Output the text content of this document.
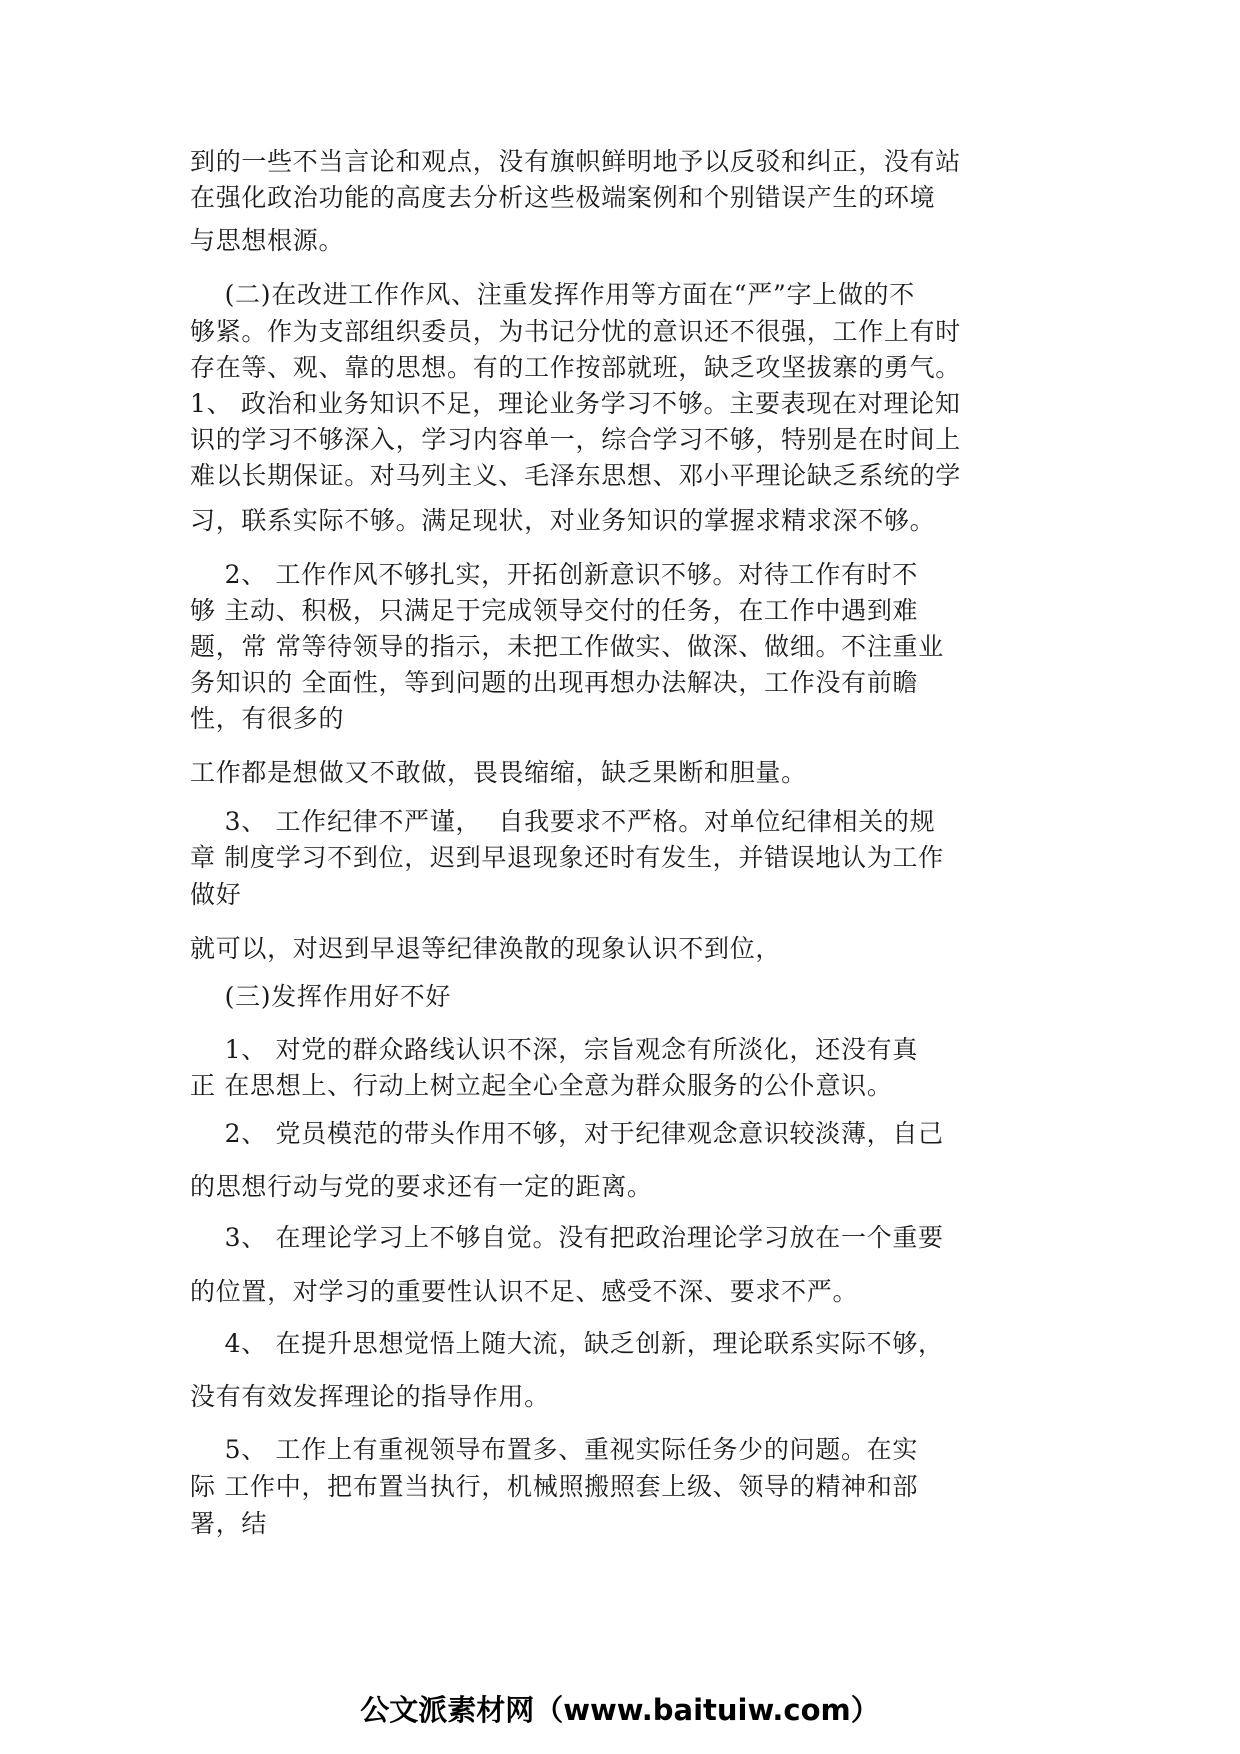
到的一些不当言论和观点，没有旗帜鲜明地予以反驳和纠正，没有站

在强化政治功能的高度去分析这些极端案例和个别错误产生的环境

与思想根源。

(二)在改进工作作风、注重发挥作用等方面在“严”字上做的不

够紧。作为支部组织委员，为书记分忧的意识还不很强，工作上有时

存在等、观、靠的思想。有的工作按部就班，缺乏攻坚拔寨的勇气。

1、 政治和业务知识不足，理论业务学习不够。主要表现在对理论知

识的学习不够深入，学习内容单一，综合学习不够，特别是在时间上

难以长期保证。对马列主义、毛泽东思想、邓小平理论缺乏系统的学

习，联系实际不够。满足现状，对业务知识的掌握求精求深不够。

2、 工作作风不够扎实，开拓创新意识不够。对待工作有时不

够 主动、积极，只满足于完成领导交付的任务，在工作中遇到难

题，常 常等待领导的指示，未把工作做实、做深、做细。不注重业

务知识的 全面性，等到问题的出现再想办法解决，工作没有前瞻

性，有很多的

工作都是想做又不敢做，畏畏缩缩，缺乏果断和胆量。

3、 工作纪律不严谨，  自我要求不严格。对单位纪律相关的规

章 制度学习不到位，迟到早退现象还时有发生，并错误地认为工作

做好

就可以，对迟到早退等纪律涣散的现象认识不到位，

(三)发挥作用好不好

1、 对党的群众路线认识不深，宗旨观念有所淡化，还没有真

正 在思想上、行动上树立起全心全意为群众服务的公仆意识。

2、 党员模范的带头作用不够，对于纪律观念意识较淡薄，自己

的思想行动与党的要求还有一定的距离。

3、 在理论学习上不够自觉。没有把政治理论学习放在一个重要

的位置，对学习的重要性认识不足、感受不深、要求不严。

4、 在提升思想觉悟上随大流，缺乏创新，理论联系实际不够，

没有有效发挥理论的指导作用。

5、 工作上有重视领导布置多、重视实际任务少的问题。在实

际 工作中，把布置当执行，机械照搬照套上级、领导的精神和部

署，结

公文派素材网（www.baituiw.com）
